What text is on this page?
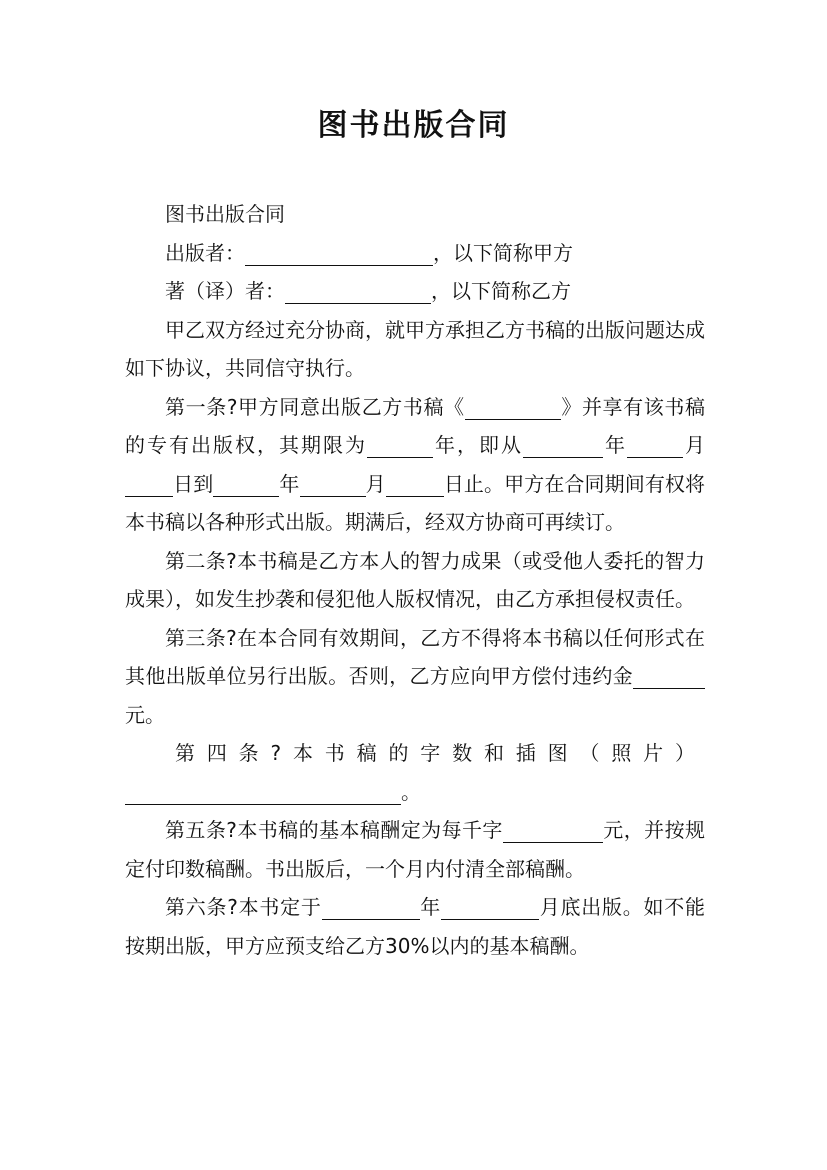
图书出版合同

图书出版合同

出版者：	，以下简称甲方

著（译）者：	，以下简称乙方

甲乙双方经过充分协商，就甲方承担乙方书稿的出版问题达成如下协议，共同信守执行。

第一条?甲方同意出版乙方书稿《	》并享有该书稿的专有出版权，其期限为	年，即从	年	月日到	年	月	日止。甲方在合同期间有权将本书稿以各种形式出版。期满后，经双方协商可再续订。

第二条?本书稿是乙方本人的智力成果（或受他人委托的智力成果），如发生抄袭和侵犯他人版权情况，由乙方承担侵权责任。

第三条?在本合同有效期间，乙方不得将本书稿以任何形式在其他出版单位另行出版。否则，乙方应向甲方偿付违约金元。

第四条?本书稿的字数和插图（照片）

。

第五条?本书稿的基本稿酬定为每千字	元，并按规定付印数稿酬。书出版后，一个月内付清全部稿酬。

第六条?本书定于	年	月底出版。如不能按期出版，甲方应预支给乙方30%以内的基本稿酬。
